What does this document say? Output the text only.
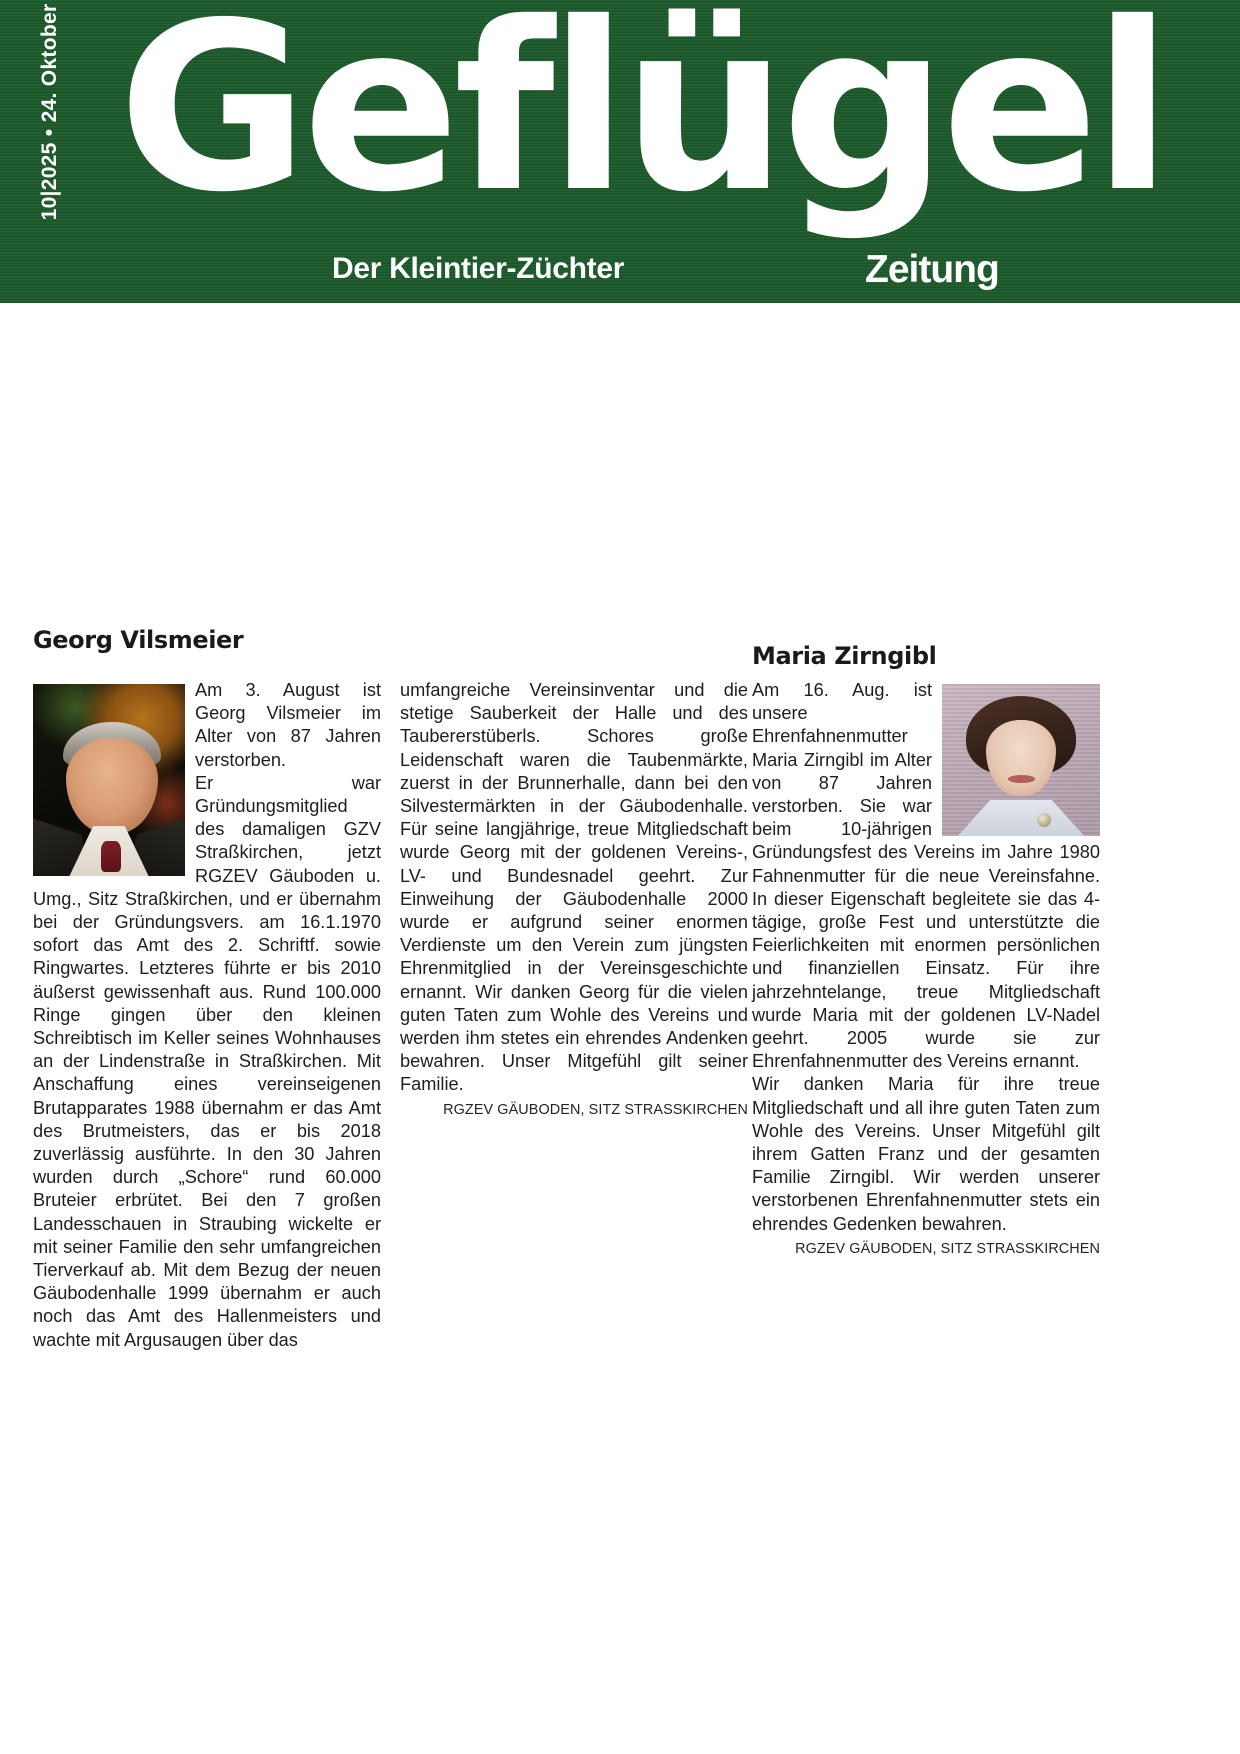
10|2025 • 24. Oktober Geflügel
Der Kleintier-Züchter	Zeitung
Georg Vilsmeier
Maria Zirngibl

Am 3. August ist Georg Vilsmeier im Alter von 87 Jahren verstorben.

Er war Gründungsmitglied des damaligen GZV Straßkirchen, jetzt RGZEV Gäuboden u. Umg., Sitz Straßkirchen, und er übernahm bei der Gründungsvers. am 16.1.1970 sofort das Amt des 2. Schriftf. sowie Ringwartes. Letzteres führte er bis 2010 äußerst gewissenhaft aus. Rund 100.000 Ringe gingen über den kleinen Schreibtisch im Keller seines Wohnhauses an der Lindenstraße in Straßkirchen. Mit Anschaffung eines vereinseigenen Brutapparates 1988 übernahm er das Amt des Brutmeisters, das er bis 2018 zuverlässig ausführte. In den 30 Jahren wurden durch „Schore“ rund 60.000 Bruteier erbrütet. Bei den 7 großen Landesschauen in Straubing wickelte er mit seiner Familie den sehr umfangreichen Tierverkauf ab. Mit dem Bezug der neuen Gäubodenhalle 1999 übernahm er auch noch das Amt des Hallenmeisters und wachte mit Argusaugen über das

umfangreiche Vereinsinventar und die stetige Sauberkeit der Halle und des Taubererstüberls. Schores große Leidenschaft waren die Taubenmärkte, zuerst in der Brunnerhalle, dann bei den Silvestermärkten in der Gäubodenhalle. Für seine langjährige, treue Mitgliedschaft wurde Georg mit der goldenen Vereins-, LV- und Bundesnadel geehrt. Zur Einweihung der Gäubodenhalle 2000 wurde er aufgrund seiner enormen Verdienste um den Verein zum jüngsten Ehrenmitglied in der Vereinsgeschichte ernannt. Wir danken Georg für die vielen guten Taten zum Wohle des Vereins und werden ihm stetes ein ehrendes Andenken bewahren. Unser Mitgefühl gilt seiner Familie.

RGZEV GÄUBODEN, SITZ STRASSKIRCHEN

Am 16. Aug. ist unsere Ehrenfahnenmutter Maria Zirngibl im Alter von 87 Jahren verstorben. Sie war beim 10-jährigen Gründungsfest des Vereins im Jahre 1980 Fahnenmutter für die neue Vereinsfahne. In dieser Eigenschaft begleitete sie das 4-tägige, große Fest und unterstützte die Feierlichkeiten mit enormen persönlichen und finanziellen Einsatz. Für ihre jahrzehntelange, treue Mitgliedschaft wurde Maria mit der goldenen LV-Nadel geehrt. 2005 wurde sie zur Ehrenfahnenmutter des Vereins ernannt.

Wir danken Maria für ihre treue Mitgliedschaft und all ihre guten Taten zum Wohle des Vereins. Unser Mitgefühl gilt ihrem Gatten Franz und der gesamten Familie Zirngibl. Wir werden unserer verstorbenen Ehrenfahnenmutter stets ein ehrendes Gedenken bewahren.

RGZEV GÄUBODEN, SITZ STRASSKIRCHEN
